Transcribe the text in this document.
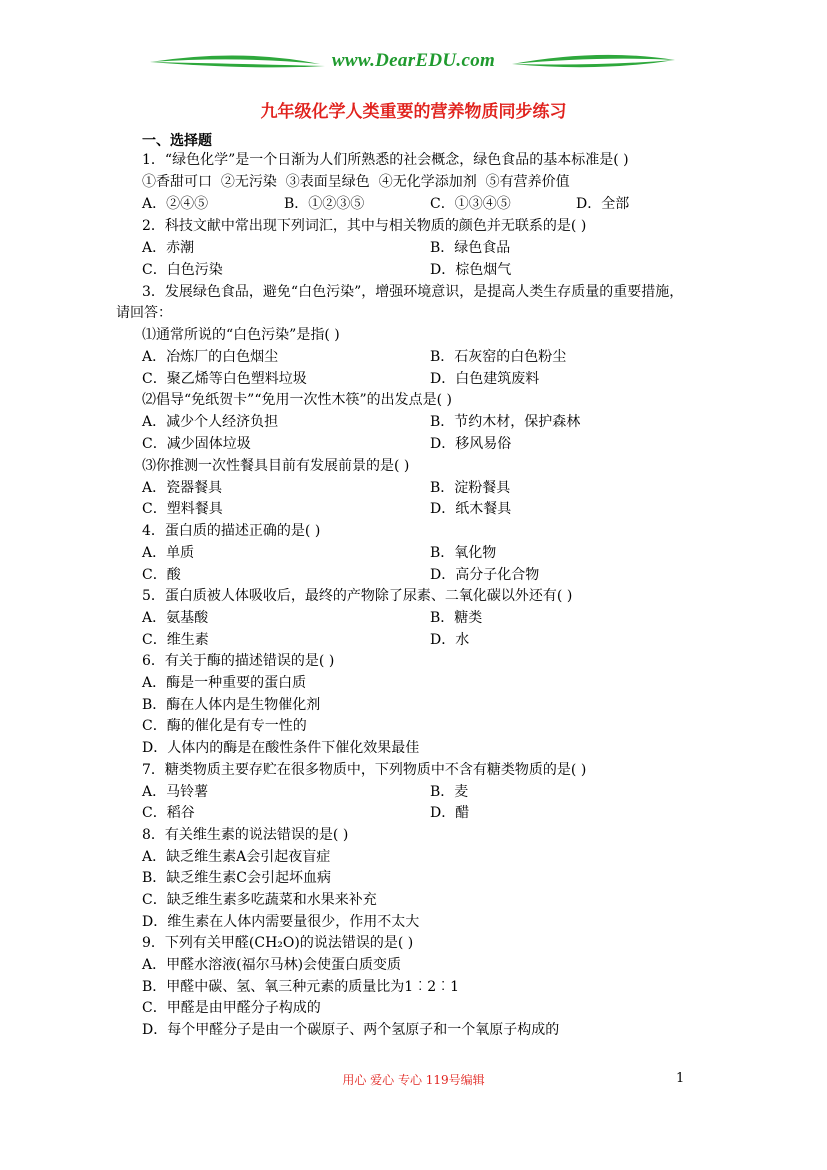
www.DearEDU.com
九年级化学人类重要的营养物质同步练习
一、选择题
1．“绿色化学”是一个日渐为人们所熟悉的社会概念，绿色食品的基本标准是( )
①香甜可口  ②无污染  ③表面呈绿色  ④无化学添加剂  ⑤有营养价值
A．②④⑤	B．①②③⑤	C．①③④⑤	D．全部
2．科技文献中常出现下列词汇，其中与相关物质的颜色并无联系的是( )
A．赤潮	B．绿色食品
C．白色污染	D．棕色烟气
3．发展绿色食品，避免“白色污染”，增强环境意识，是提高人类生存质量的重要措施，
请回答：
⑴通常所说的“白色污染”是指( )
A．冶炼厂的白色烟尘	B．石灰窑的白色粉尘
C．聚乙烯等白色塑料垃圾	D．白色建筑废料
⑵倡导“免纸贺卡”“免用一次性木筷”的出发点是( )
A．减少个人经济负担	B．节约木材，保护森林
C．减少固体垃圾	D．移风易俗
⑶你推测一次性餐具目前有发展前景的是( )
A．瓷器餐具	B．淀粉餐具
C．塑料餐具	D．纸木餐具
4．蛋白质的描述正确的是( )
A．单质	B．氧化物
C．酸	D．高分子化合物
5．蛋白质被人体吸收后，最终的产物除了尿素、二氧化碳以外还有( )
A．氨基酸	B．糖类
C．维生素	D．水
6．有关于酶的描述错误的是( )
A．酶是一种重要的蛋白质
B．酶在人体内是生物催化剂
C．酶的催化是有专一性的
D．人体内的酶是在酸性条件下催化效果最佳
7．糖类物质主要存贮在很多物质中，下列物质中不含有糖类物质的是( )
A．马铃薯	B．麦
C．稻谷	D．醋
8．有关维生素的说法错误的是( )
A．缺乏维生素A会引起夜盲症
B．缺乏维生素C会引起坏血病
C．缺乏维生素多吃蔬菜和水果来补充
D．维生素在人体内需要量很少，作用不太大
9．下列有关甲醛(CH₂O)的说法错误的是( )
A．甲醛水溶液(福尔马林)会使蛋白质变质
B．甲醛中碳、氢、氧三种元素的质量比为1︰2︰1
C．甲醛是由甲醛分子构成的
D．每个甲醛分子是由一个碳原子、两个氢原子和一个氧原子构成的
用心 爱心 专心 119号编辑	1
